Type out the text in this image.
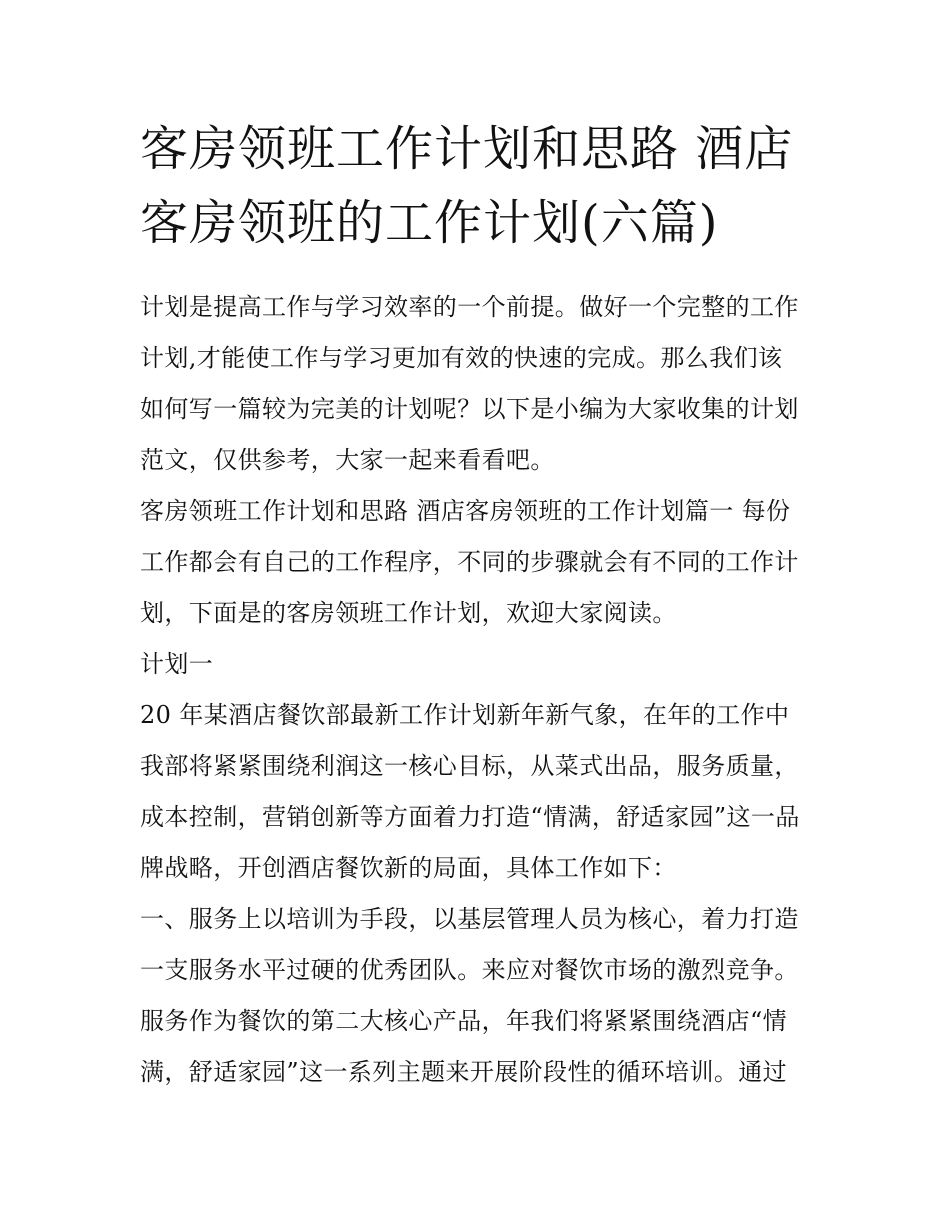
客房领班工作计划和思路 酒店
客房领班的工作计划(六篇)
计划是提高工作与学习效率的一个前提。做好一个完整的工作
计划,才能使工作与学习更加有效的快速的完成。那么我们该
如何写一篇较为完美的计划呢？以下是小编为大家收集的计划
范文，仅供参考，大家一起来看看吧。
客房领班工作计划和思路 酒店客房领班的工作计划篇一 每份
工作都会有自己的工作程序，不同的步骤就会有不同的工作计
划，下面是的客房领班工作计划，欢迎大家阅读。
计划一
20 年某酒店餐饮部最新工作计划新年新气象，在年的工作中
我部将紧紧围绕利润这一核心目标，从菜式出品，服务质量，
成本控制，营销创新等方面着力打造“情满，舒适家园”这一品
牌战略，开创酒店餐饮新的局面，具体工作如下：
一、服务上以培训为手段，以基层管理人员为核心，着力打造
一支服务水平过硬的优秀团队。来应对餐饮市场的激烈竞争。
服务作为餐饮的第二大核心产品，年我们将紧紧围绕酒店“情
满，舒适家园”这一系列主题来开展阶段性的循环培训。通过
